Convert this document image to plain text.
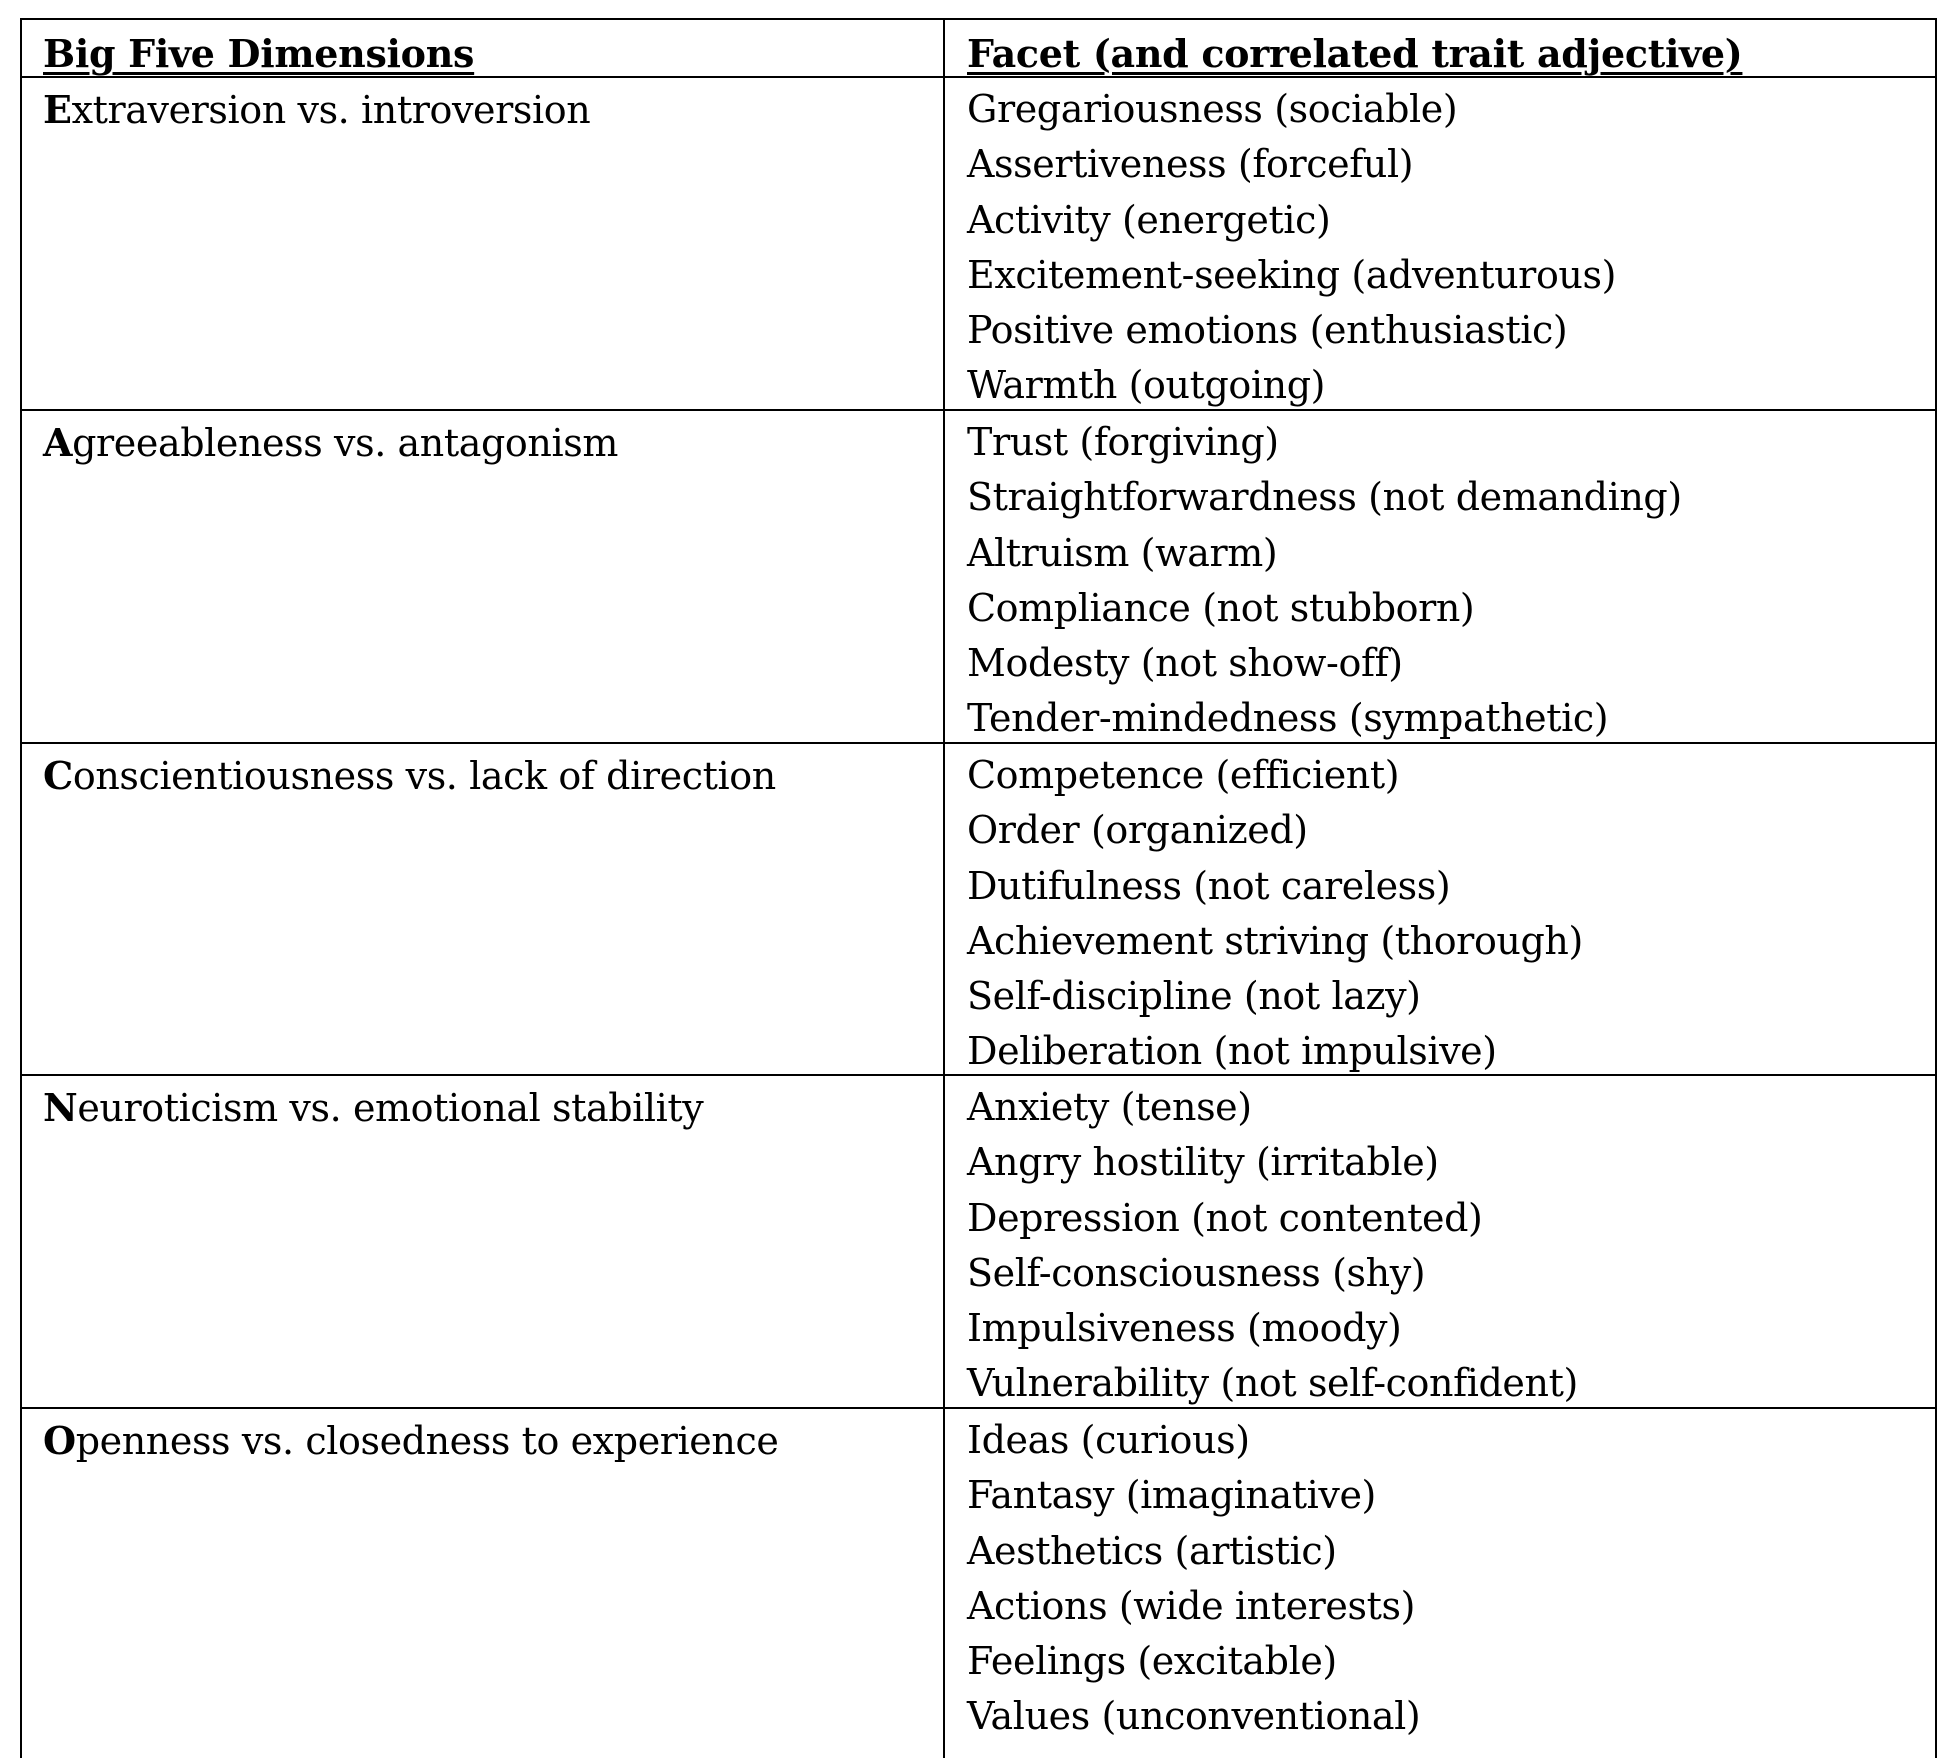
Big Five Dimensions	Facet (and correlated trait adjective)
Extraversion vs. introversion	Gregariousness (sociable)
Assertiveness (forceful)
Activity (energetic)
Excitement-seeking (adventurous)
Positive emotions (enthusiastic)
Warmth (outgoing)
Agreeableness vs. antagonism	Trust (forgiving)
Straightforwardness (not demanding)
Altruism (warm)
Compliance (not stubborn)
Modesty (not show-off)
Tender-mindedness (sympathetic)
Conscientiousness vs. lack of direction	Competence (efficient)
Order (organized)
Dutifulness (not careless)
Achievement striving (thorough)
Self-discipline (not lazy)
Deliberation (not impulsive)
Neuroticism vs. emotional stability	Anxiety (tense)
Angry hostility (irritable)
Depression (not contented)
Self-consciousness (shy)
Impulsiveness (moody)
Vulnerability (not self-confident)
Openness vs. closedness to experience	Ideas (curious)
Fantasy (imaginative)
Aesthetics (artistic)
Actions (wide interests)
Feelings (excitable)
Values (unconventional)
